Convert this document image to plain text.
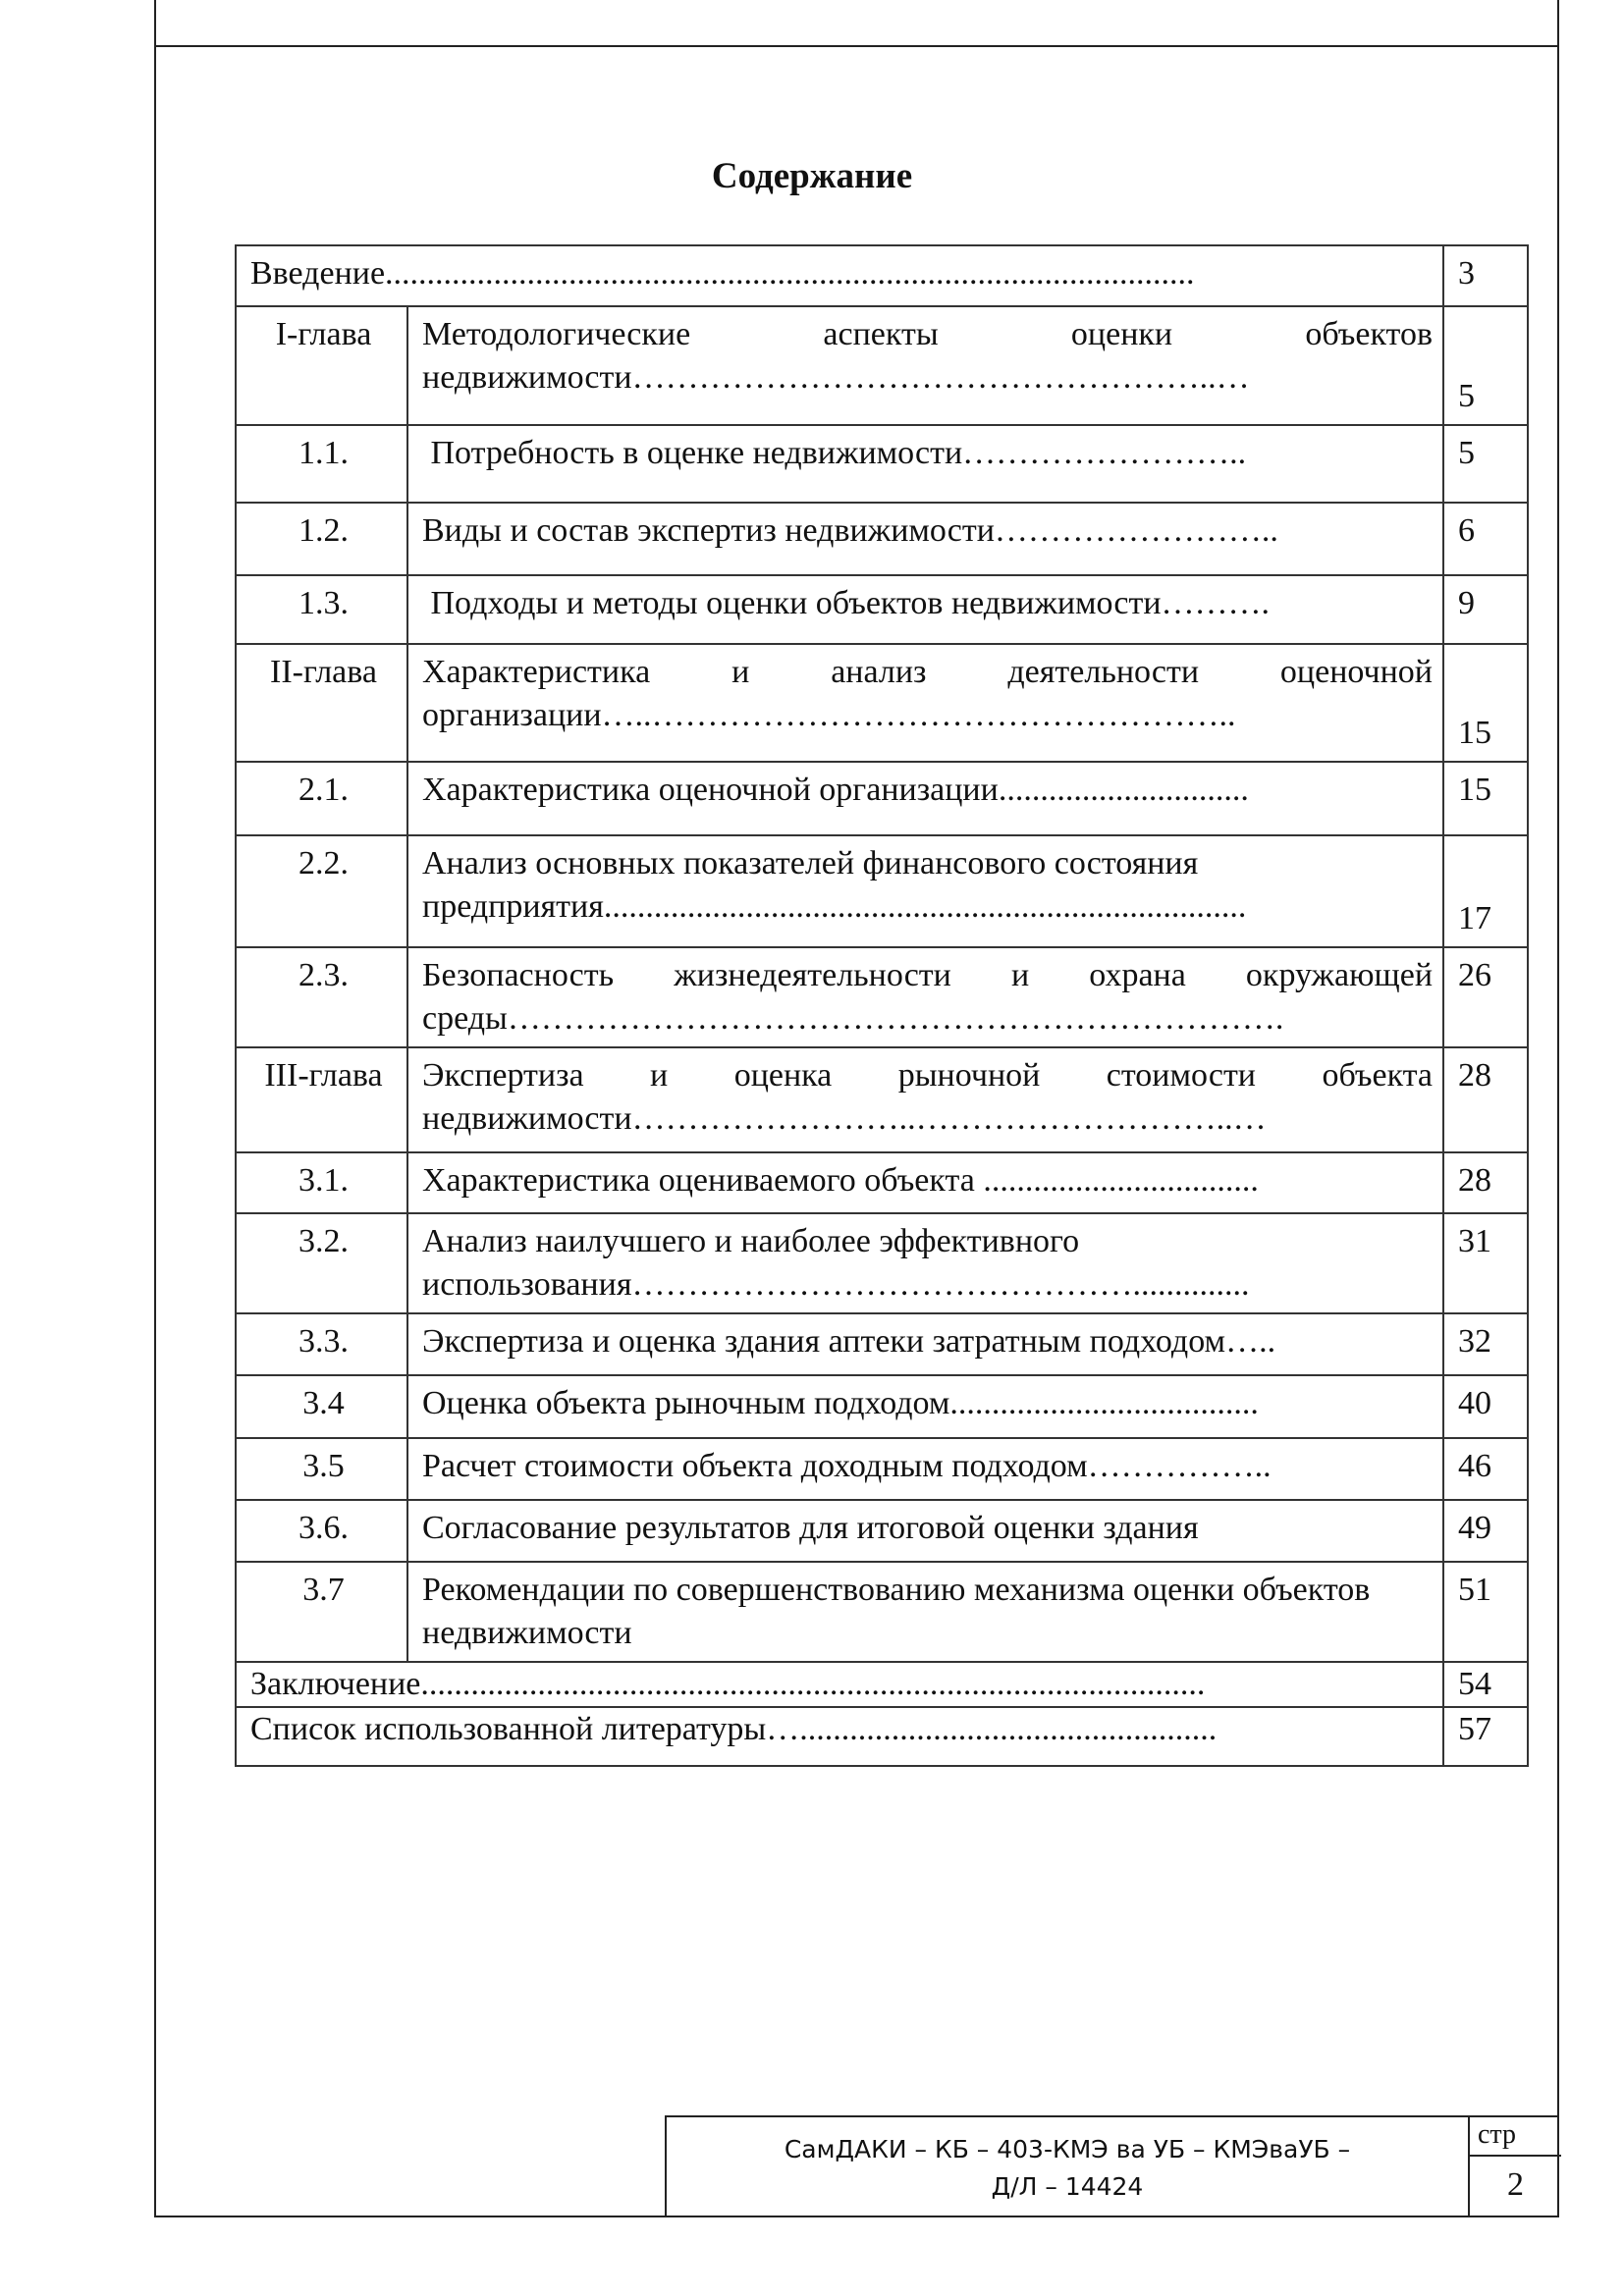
Содержание
Введение.................................................................................................		3
I-глава	Методологические аспекты оценки объектов недвижимости……………………………………………..…	5
1.1.	Потребность в оценке недвижимости……………………..	5
1.2.	Виды и состав экспертиз недвижимости……………………..	6
1.3.	Подходы и методы оценки объектов недвижимости……….	9
II-глава	Характеристика и анализ деятельности оценочной организации…..……………………………………………..	15
2.1.	Характеристика оценочной организации..............................	15
2.2.	Анализ основных показателей финансового состояния предприятия.............................................................................	17
2.3.	Безопасность жизнедеятельности и охрана окружающей среды…………………………………………………………….	26
III-глава	Экспертиза и оценка рыночной стоимости объекта недвижимости……………………..………………………..…	28
3.1.	Характеристика оцениваемого объекта .................................	28
3.2.	Анализ наилучшего и наиболее эффективного использования………………………………………..............	31
3.3.	Экспертиза и оценка здания аптеки затратным подходом…..	32
3.4	Оценка объекта рыночным подходом.....................................	40
3.5	Расчет стоимости объекта доходным подходом……………..	46
3.6.	Согласование результатов для итоговой оценки здания	49
3.7	Рекомендации по совершенствованию механизма оценки объектов недвижимости	51
Заключение..............................................................................................		54
Список использованной литературы…..................................................		57
СамДАКИ – КБ – 403-КМЭ ва УБ – КМЭваУБ –
Д/Л – 14424
стр
2
